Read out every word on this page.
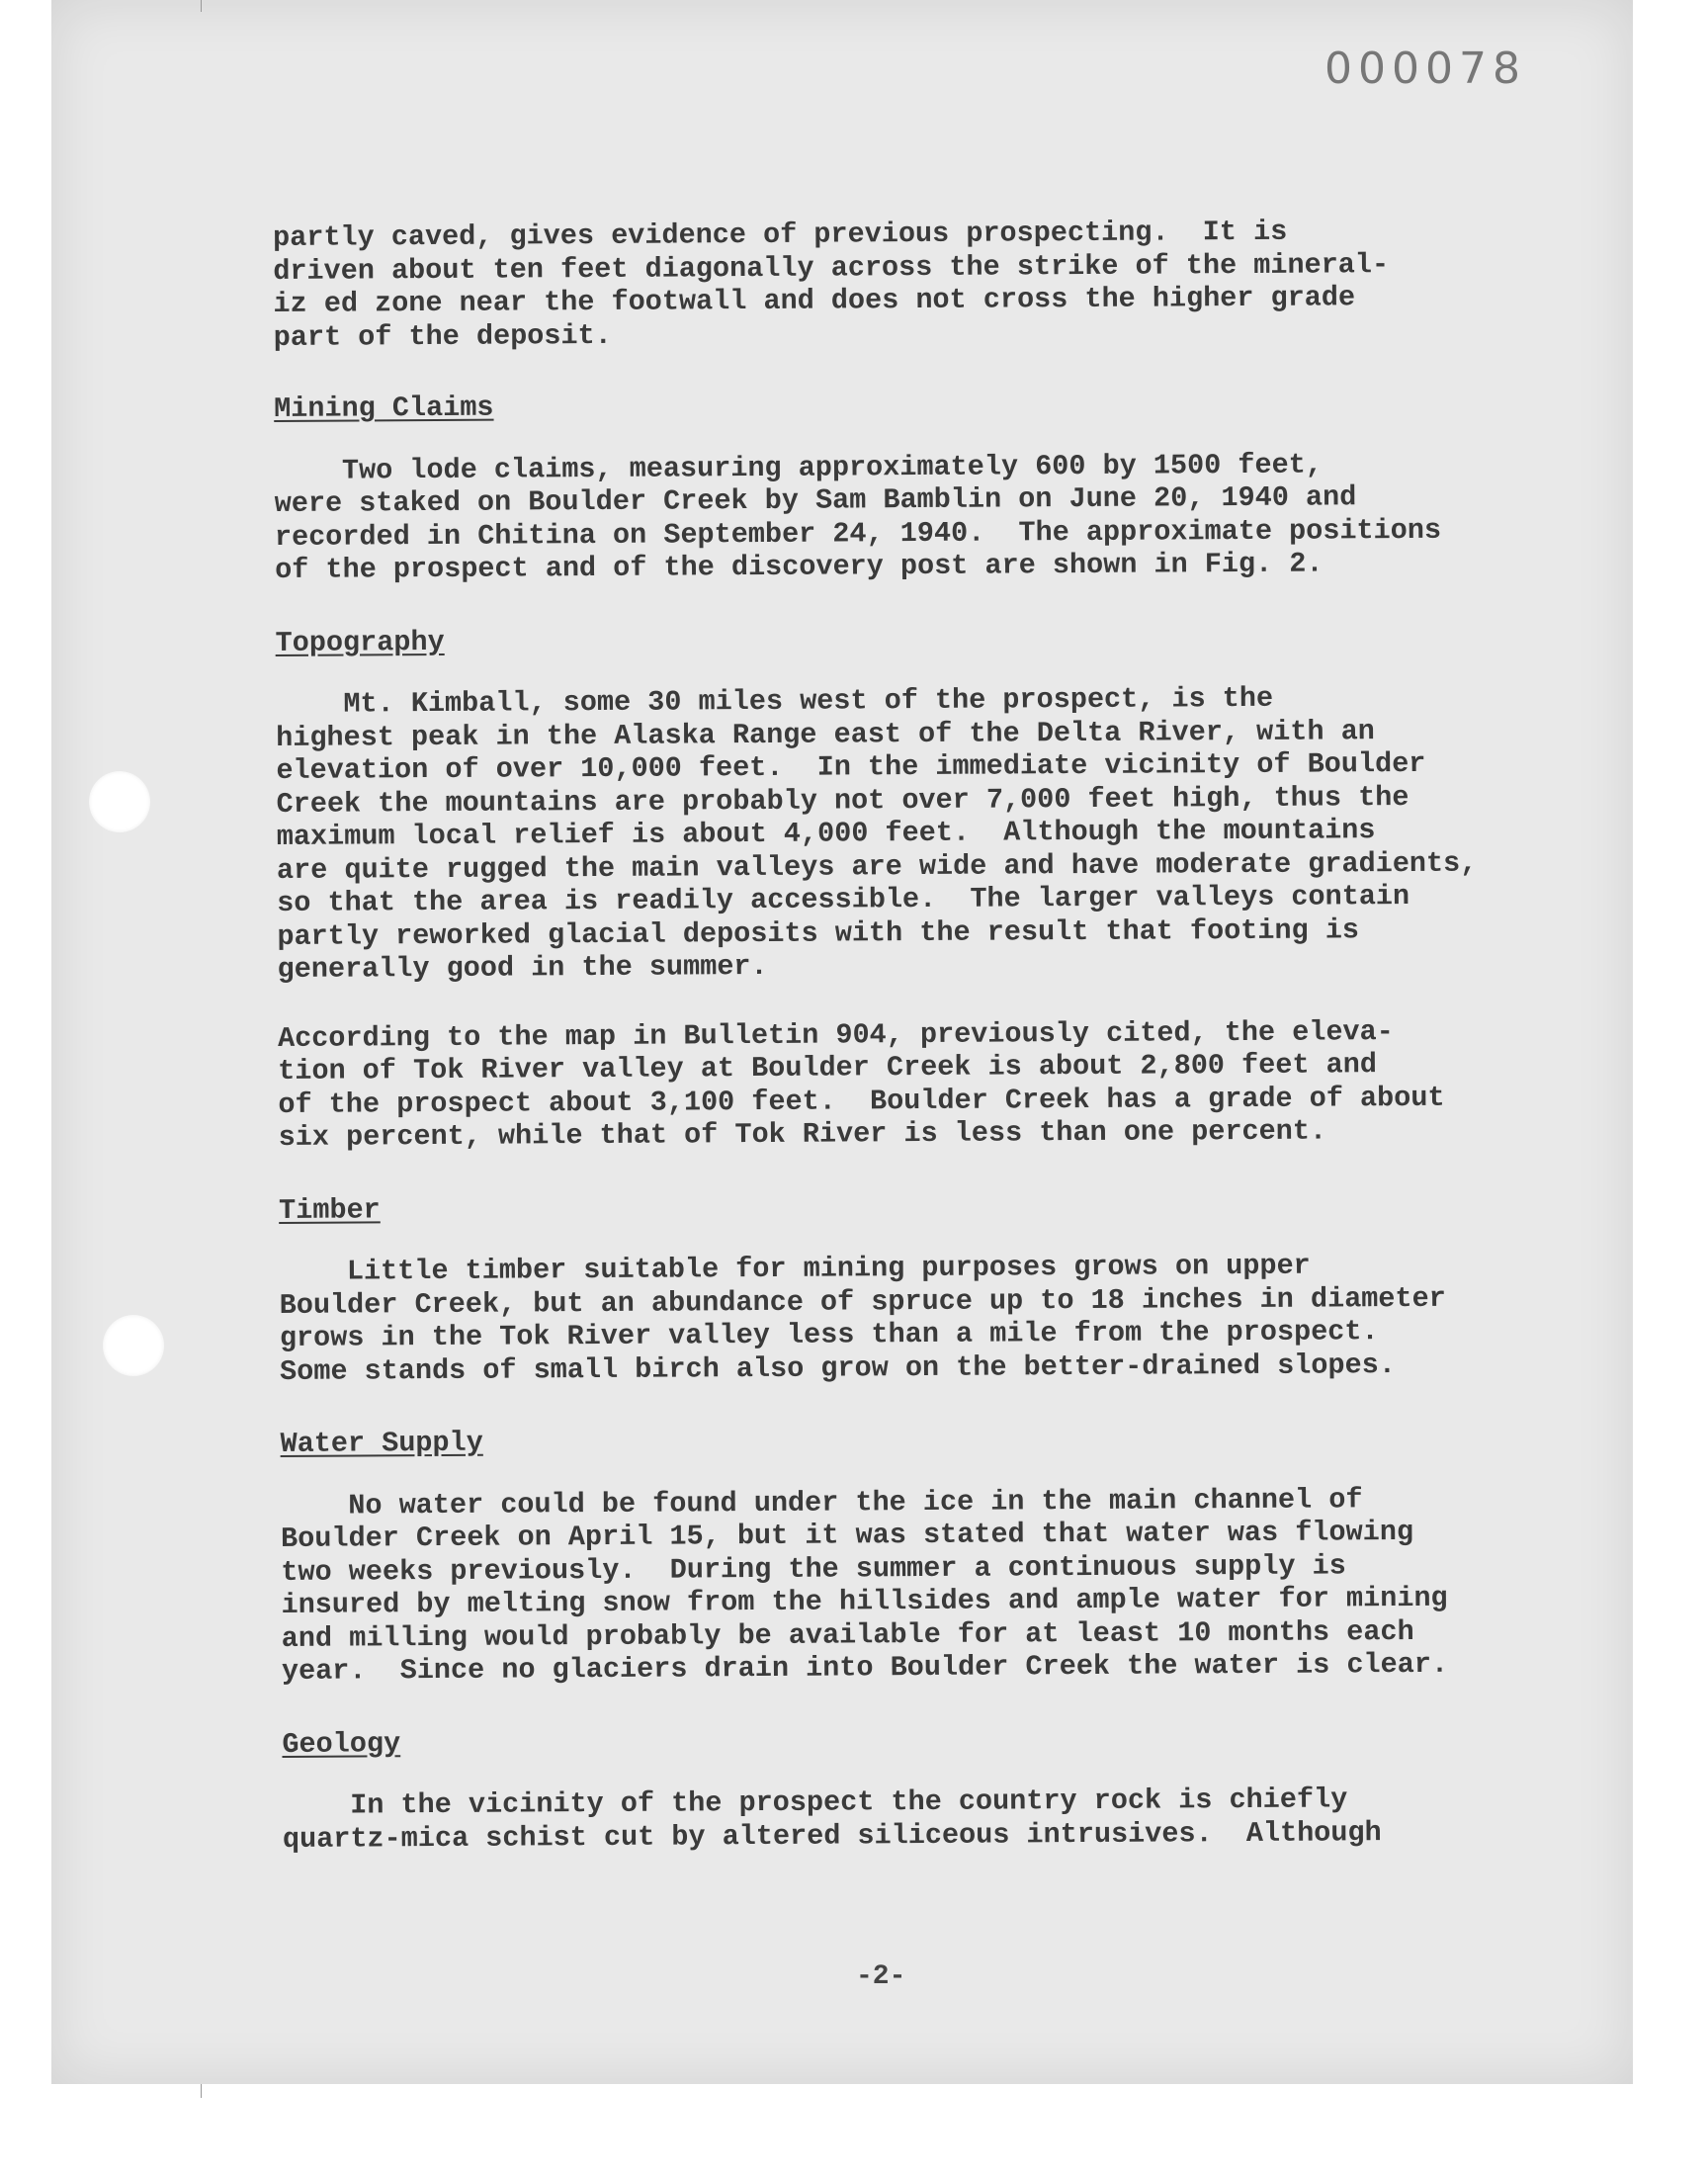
000078
partly caved, gives evidence of previous prospecting.  It is
driven about ten feet diagonally across the strike of the mineral-
iz ed zone near the footwall and does not cross the higher grade
part of the deposit.
Mining Claims
Two lode claims, measuring approximately 600 by 1500 feet,
were staked on Boulder Creek by Sam Bamblin on June 20, 1940 and
recorded in Chitina on September 24, 1940.  The approximate positions
of the prospect and of the discovery post are shown in Fig. 2.
Topography
Mt. Kimball, some 30 miles west of the prospect, is the
highest peak in the Alaska Range east of the Delta River, with an
elevation of over 10,000 feet.  In the immediate vicinity of Boulder
Creek the mountains are probably not over 7,000 feet high, thus the
maximum local relief is about 4,000 feet.  Although the mountains
are quite rugged the main valleys are wide and have moderate gradients,
so that the area is readily accessible.  The larger valleys contain
partly reworked glacial deposits with the result that footing is
generally good in the summer.
According to the map in Bulletin 904, previously cited, the eleva-
tion of Tok River valley at Boulder Creek is about 2,800 feet and
of the prospect about 3,100 feet.  Boulder Creek has a grade of about
six percent, while that of Tok River is less than one percent.
Timber
Little timber suitable for mining purposes grows on upper
Boulder Creek, but an abundance of spruce up to 18 inches in diameter
grows in the Tok River valley less than a mile from the prospect.
Some stands of small birch also grow on the better-drained slopes.
Water Supply
No water could be found under the ice in the main channel of
Boulder Creek on April 15, but it was stated that water was flowing
two weeks previously.  During the summer a continuous supply is
insured by melting snow from the hillsides and ample water for mining
and milling would probably be available for at least 10 months each
year.  Since no glaciers drain into Boulder Creek the water is clear.
Geology
In the vicinity of the prospect the country rock is chiefly
quartz-mica schist cut by altered siliceous intrusives.  Although
-2-
